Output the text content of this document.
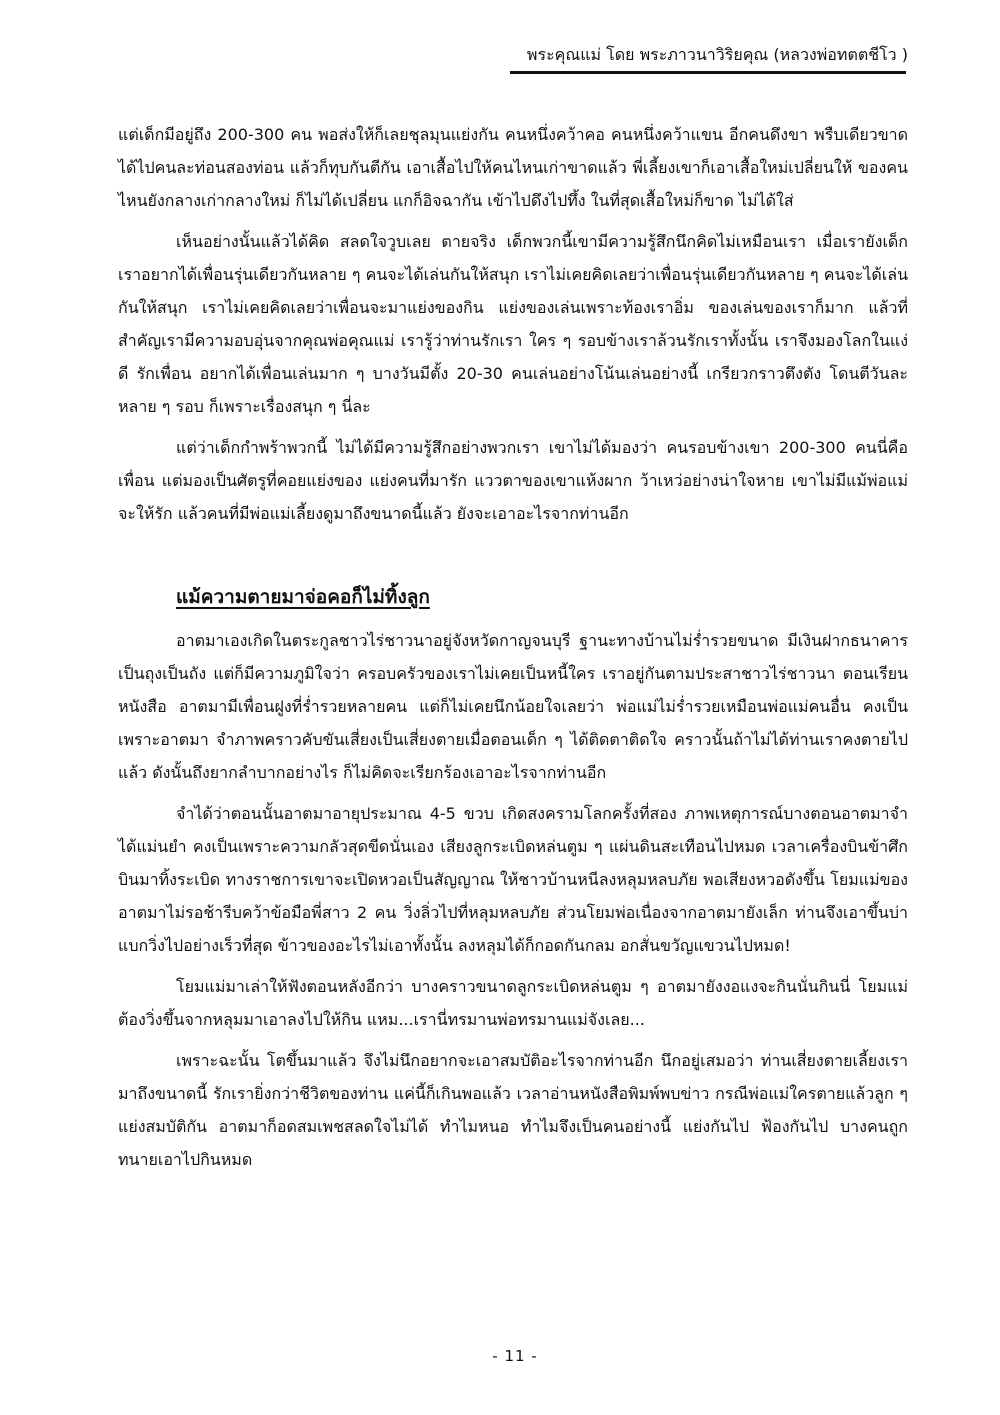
พระคุณแม่ โดย พระภาวนาวิริยคุณ (หลวงพ่อทตตชีโว )

แต่เด็กมีอยู่ถึง 200-300 คน พอส่งให้ก็เลยชุลมุนแย่งกัน คนหนึ่งคว้าคอ คนหนึ่งคว้าแขน อีกคนดึงขา พรืบเดียวขาด ได้ไปคนละท่อนสองท่อน แล้วก็ทุบกันตีกัน เอาเสื้อไปให้คนไหนเก่าขาดแล้ว พี่เลี้ยงเขาก็เอาเสื้อใหม่เปลี่ยนให้ ของคนไหนยังกลางเก่ากลางใหม่ ก็ไม่ได้เปลี่ยน แกก็อิจฉากัน เข้าไปดึงไปทึ้ง ในที่สุดเสื้อใหม่ก็ขาด ไม่ได้ใส่

เห็นอย่างนั้นแล้วได้คิด สลดใจวูบเลย ตายจริง เด็กพวกนี้เขามีความรู้สึกนึกคิดไม่เหมือนเรา เมื่อเรายังเด็ก เราอยากได้เพื่อนรุ่นเดียวกันหลาย ๆ คนจะได้เล่นกันให้สนุก เราไม่เคยคิดเลยว่าเพื่อนรุ่นเดียวกันหลาย ๆ คนจะได้เล่นกันให้สนุก เราไม่เคยคิดเลยว่าเพื่อนจะมาแย่งของกิน แย่งของเล่นเพราะท้องเราอิ่ม ของเล่นของเราก็มาก แล้วที่สำคัญเรามีความอบอุ่นจากคุณพ่อคุณแม่ เรารู้ว่าท่านรักเรา ใคร ๆ รอบข้างเราล้วนรักเราทั้งนั้น เราจึงมองโลกในแง่ดี รักเพื่อน อยากได้เพื่อนเล่นมาก ๆ บางวันมีตั้ง 20-30 คนเล่นอย่างโน้นเล่นอย่างนี้ เกรียวกราวตึงตัง โดนตีวันละหลาย ๆ รอบ ก็เพราะเรื่องสนุก ๆ นี่ละ

แต่ว่าเด็กกำพร้าพวกนี้ ไม่ได้มีความรู้สึกอย่างพวกเรา เขาไม่ได้มองว่า คนรอบข้างเขา 200-300 คนนี่คือเพื่อน แต่มองเป็นศัตรูที่คอยแย่งของ แย่งคนที่มารัก แววตาของเขาแห้งผาก ว้าเหว่อย่างน่าใจหาย เขาไม่มีแม้พ่อแม่จะให้รัก แล้วคนที่มีพ่อแม่เลี้ยงดูมาถึงขนาดนี้แล้ว ยังจะเอาอะไรจากท่านอีก

แม้ความตายมาจ่อคอก็ไม่ทิ้งลูก

อาตมาเองเกิดในตระกูลชาวไร่ชาวนาอยู่จังหวัดกาญจนบุรี ฐานะทางบ้านไม่ร่ำรวยขนาด มีเงินฝากธนาคารเป็นถุงเป็นถัง แต่ก็มีความภูมิใจว่า ครอบครัวของเราไม่เคยเป็นหนี้ใคร เราอยู่กันตามประสาชาวไร่ชาวนา ตอนเรียนหนังสือ อาตมามีเพื่อนฝูงที่ร่ำรวยหลายคน แต่ก็ไม่เคยนึกน้อยใจเลยว่า พ่อแม่ไม่ร่ำรวยเหมือนพ่อแม่คนอื่น คงเป็นเพราะอาตมา จำภาพคราวคับขันเสี่ยงเป็นเสี่ยงตายเมื่อตอนเด็ก ๆ ได้ติดตาติดใจ คราวนั้นถ้าไม่ได้ท่านเราคงตายไปแล้ว ดังนั้นถึงยากลำบากอย่างไร ก็ไม่คิดจะเรียกร้องเอาอะไรจากท่านอีก

จำได้ว่าตอนนั้นอาตมาอายุประมาณ 4-5 ขวบ เกิดสงครามโลกครั้งที่สอง ภาพเหตุการณ์บางตอนอาตมาจำได้แม่นยำ คงเป็นเพราะความกลัวสุดขีดนั่นเอง เสียงลูกระเบิดหล่นตูม ๆ แผ่นดินสะเทือนไปหมด เวลาเครื่องบินข้าศึกบินมาทิ้งระเบิด ทางราชการเขาจะเปิดหวอเป็นสัญญาณ ให้ชาวบ้านหนีลงหลุมหลบภัย พอเสียงหวอดังขึ้น โยมแม่ของอาตมาไม่รอช้ารีบคว้าข้อมือพี่สาว 2 คน วิ่งลิ่วไปที่หลุมหลบภัย ส่วนโยมพ่อเนื่องจากอาตมายังเล็ก ท่านจึงเอาขึ้นบ่าแบกวิ่งไปอย่างเร็วที่สุด ข้าวของอะไรไม่เอาทั้งนั้น ลงหลุมได้ก็กอดกันกลม อกสั่นขวัญแขวนไปหมด!

โยมแม่มาเล่าให้ฟังตอนหลังอีกว่า บางคราวขนาดลูกระเบิดหล่นตูม ๆ อาตมายังงอแงจะกินนั่นกินนี่ โยมแม่ต้องวิ่งขึ้นจากหลุมมาเอาลงไปให้กิน แหม...เรานี่ทรมานพ่อทรมานแม่จังเลย...

เพราะฉะนั้น โตขึ้นมาแล้ว จึงไม่นึกอยากจะเอาสมบัติอะไรจากท่านอีก นึกอยู่เสมอว่า ท่านเสี่ยงตายเลี้ยงเรามาถึงขนาดนี้ รักเรายิ่งกว่าชีวิตของท่าน แค่นี้ก็เกินพอแล้ว เวลาอ่านหนังสือพิมพ์พบข่าว กรณีพ่อแม่ใครตายแล้วลูก ๆ แย่งสมบัติกัน อาตมาก็อดสมเพชสลดใจไม่ได้ ทำไมหนอ ทำไมจึงเป็นคนอย่างนี้ แย่งกันไป ฟ้องกันไป บางคนถูกทนายเอาไปกินหมด

- 11 -
